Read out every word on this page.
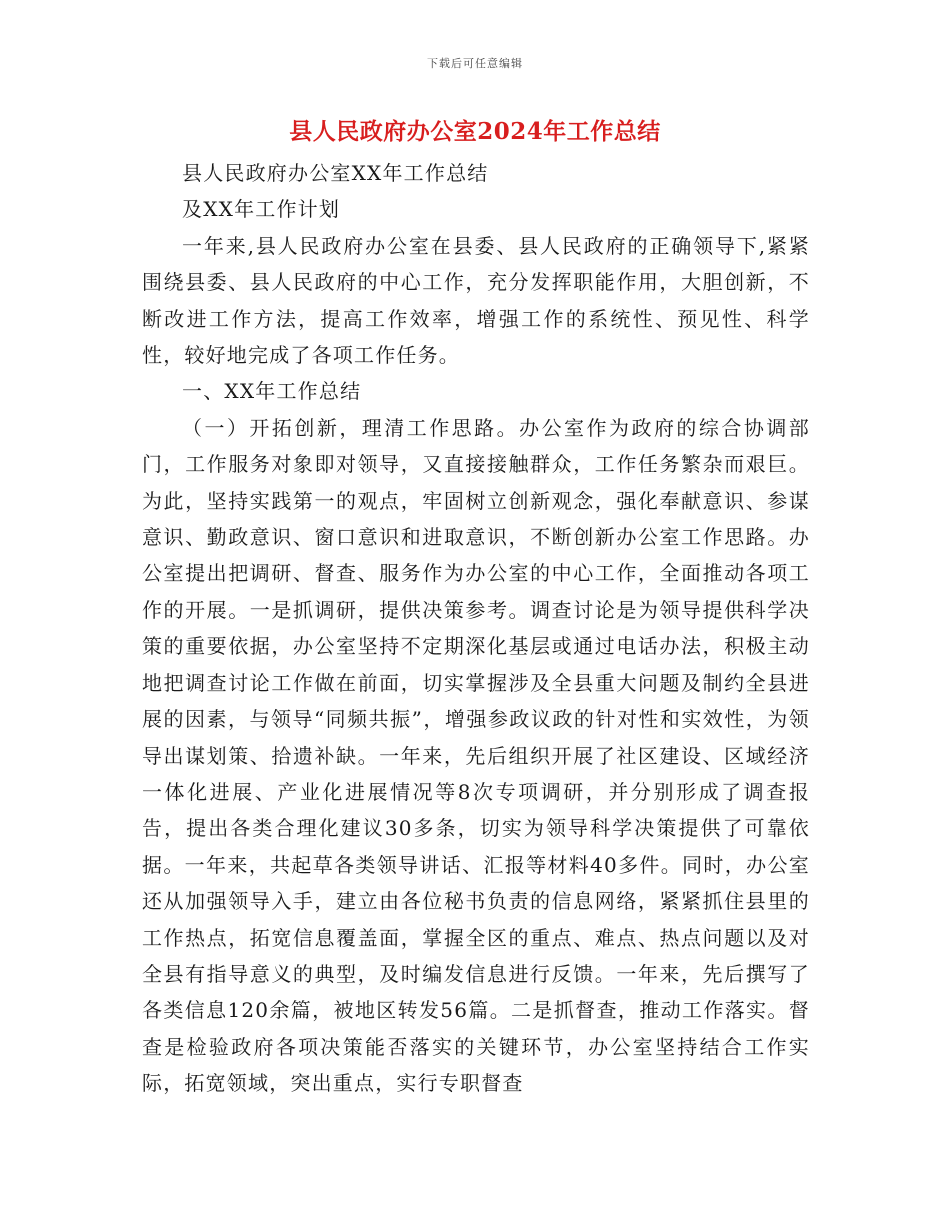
下载后可任意编辑
县人民政府办公室2024年工作总结

县人民政府办公室XX年工作总结

及XX年工作计划

一年来,县人民政府办公室在县委、县人民政府的正确领导下,紧紧围绕县委、县人民政府的中心工作，充分发挥职能作用，大胆创新，不断改进工作方法，提高工作效率，增强工作的系统性、预见性、科学性，较好地完成了各项工作任务。

一、XX年工作总结

（一）开拓创新，理清工作思路。办公室作为政府的综合协调部门，工作服务对象即对领导，又直接接触群众，工作任务繁杂而艰巨。为此，坚持实践第一的观点，牢固树立创新观念，强化奉献意识、参谋意识、勤政意识、窗口意识和进取意识，不断创新办公室工作思路。办公室提出把调研、督查、服务作为办公室的中心工作，全面推动各项工作的开展。一是抓调研，提供决策参考。调查讨论是为领导提供科学决策的重要依据，办公室坚持不定期深化基层或通过电话办法，积极主动地把调查讨论工作做在前面，切实掌握涉及全县重大问题及制约全县进展的因素，与领导“同频共振”，增强参政议政的针对性和实效性，为领导出谋划策、拾遗补缺。一年来，先后组织开展了社区建设、区域经济一体化进展、产业化进展情况等8次专项调研，并分别形成了调查报告，提出各类合理化建议30多条，切实为领导科学决策提供了可靠依据。一年来，共起草各类领导讲话、汇报等材料40多件。同时，办公室还从加强领导入手，建立由各位秘书负责的信息网络，紧紧抓住县里的工作热点，拓宽信息覆盖面，掌握全区的重点、难点、热点问题以及对全县有指导意义的典型，及时编发信息进行反馈。一年来，先后撰写了各类信息120余篇，被地区转发56篇。二是抓督查，推动工作落实。督查是检验政府各项决策能否落实的关键环节，办公室坚持结合工作实际，拓宽领域，突出重点，实行专职督查
